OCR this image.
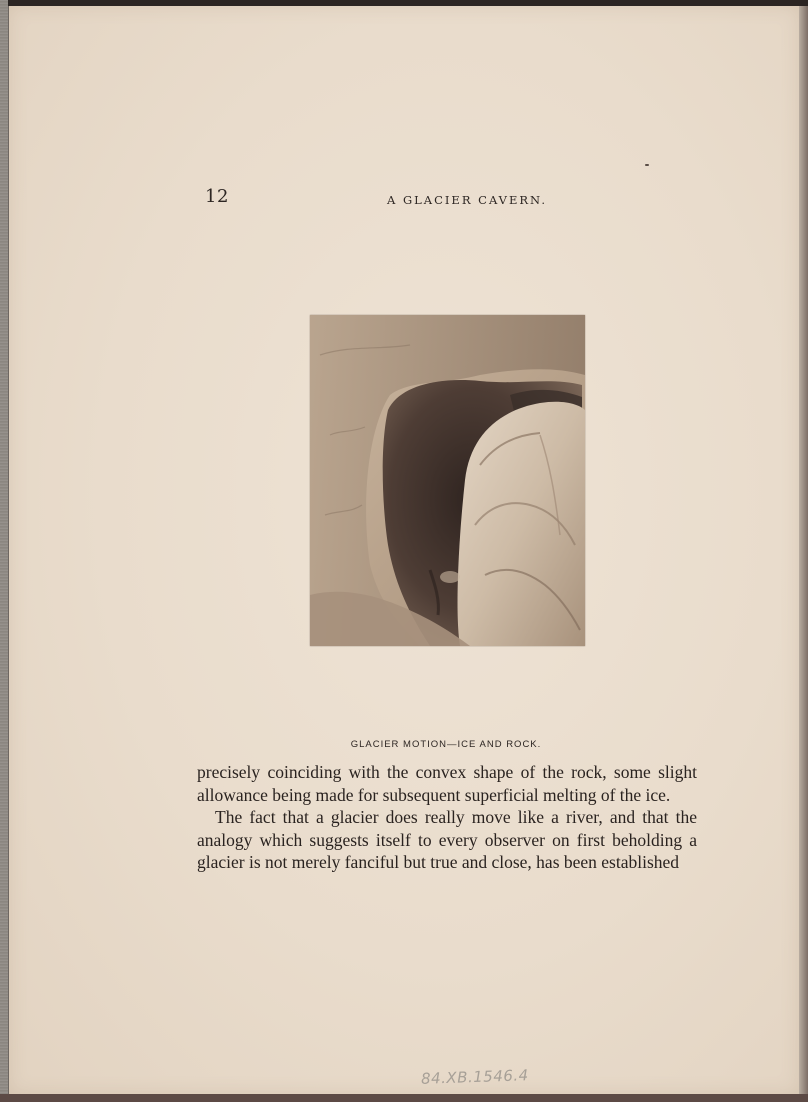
12	A GLACIER CAVERN.
GLACIER MOTION—ICE AND ROCK.

precisely coinciding with the convex shape of the rock, some slight allowance being made for subsequent superficial melting of the ice.

The fact that a glacier does really move like a river, and that the analogy which suggests itself to every observer on first beholding a glacier is not merely fanciful but true and close, has been established

84.XB.1546.4
